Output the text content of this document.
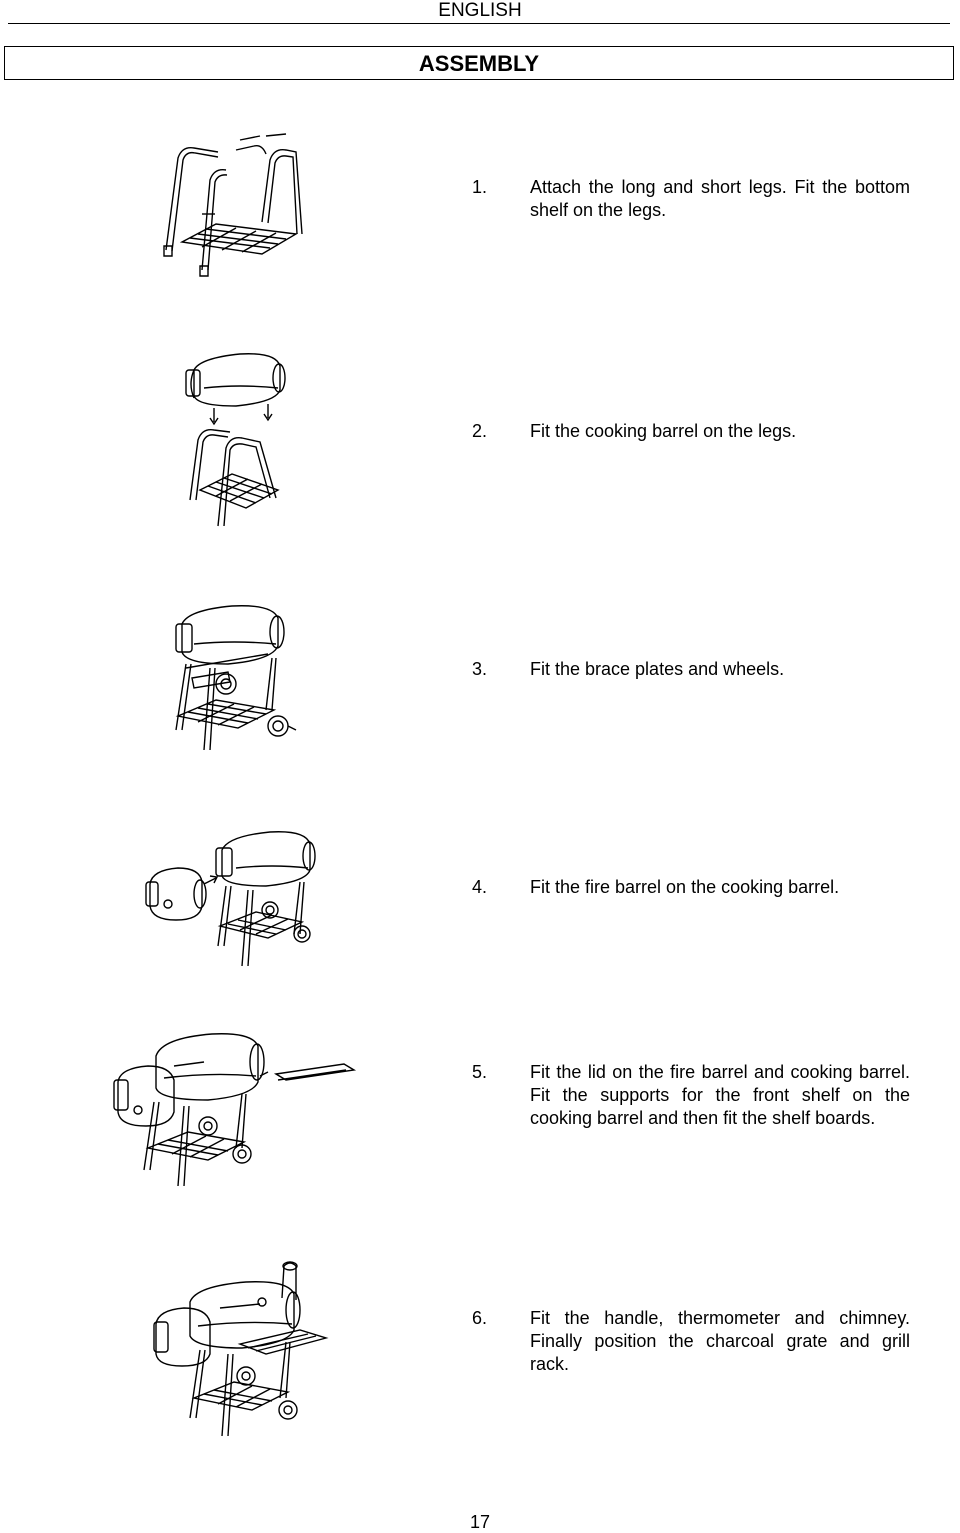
ENGLISH
ASSEMBLY
1. Attach the long and short legs. Fit the bottom shelf on the legs.
2. Fit the cooking barrel on the legs.
3. Fit the brace plates and wheels.
4. Fit the fire barrel on the cooking barrel.
5. Fit the lid on the fire barrel and cooking barrel. Fit the supports for the front shelf on the cooking barrel and then fit the shelf boards.
6. Fit the handle, thermometer and chimney. Finally position the charcoal grate and grill rack.
17
